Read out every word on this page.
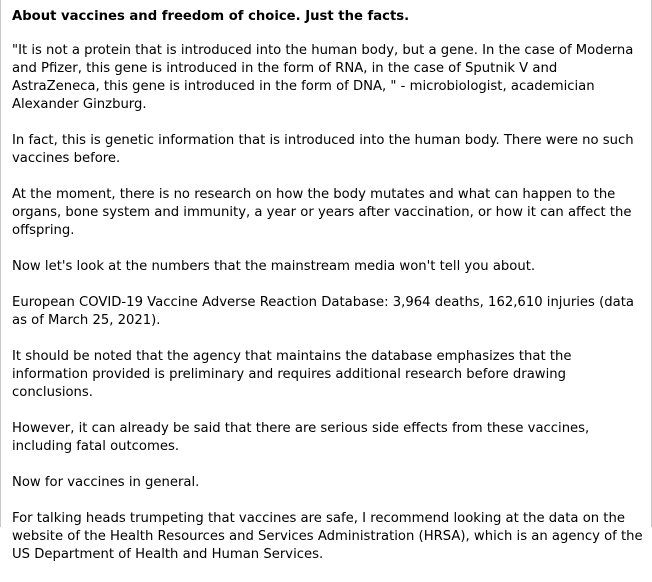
About vaccines and freedom of choice. Just the facts.

"It is not a protein that is introduced into the human body, but a gene. In the case of Moderna and Pfizer, this gene is introduced in the form of RNA, in the case of Sputnik V and AstraZeneca, this gene is introduced in the form of DNA, " - microbiologist, academician Alexander Ginzburg.

In fact, this is genetic information that is introduced into the human body. There were no such vaccines before.

At the moment, there is no research on how the body mutates and what can happen to the organs, bone system and immunity, a year or years after vaccination, or how it can affect the offspring.

Now let's look at the numbers that the mainstream media won't tell you about.

European COVID-19 Vaccine Adverse Reaction Database: 3,964 deaths, 162,610 injuries (data as of March 25, 2021).

It should be noted that the agency that maintains the database emphasizes that the information provided is preliminary and requires additional research before drawing conclusions.

However, it can already be said that there are serious side effects from these vaccines, including fatal outcomes.

Now for vaccines in general.

For talking heads trumpeting that vaccines are safe, I recommend looking at the data on the website of the Health Resources and Services Administration (HRSA), which is an agency of the US Department of Health and Human Services.
